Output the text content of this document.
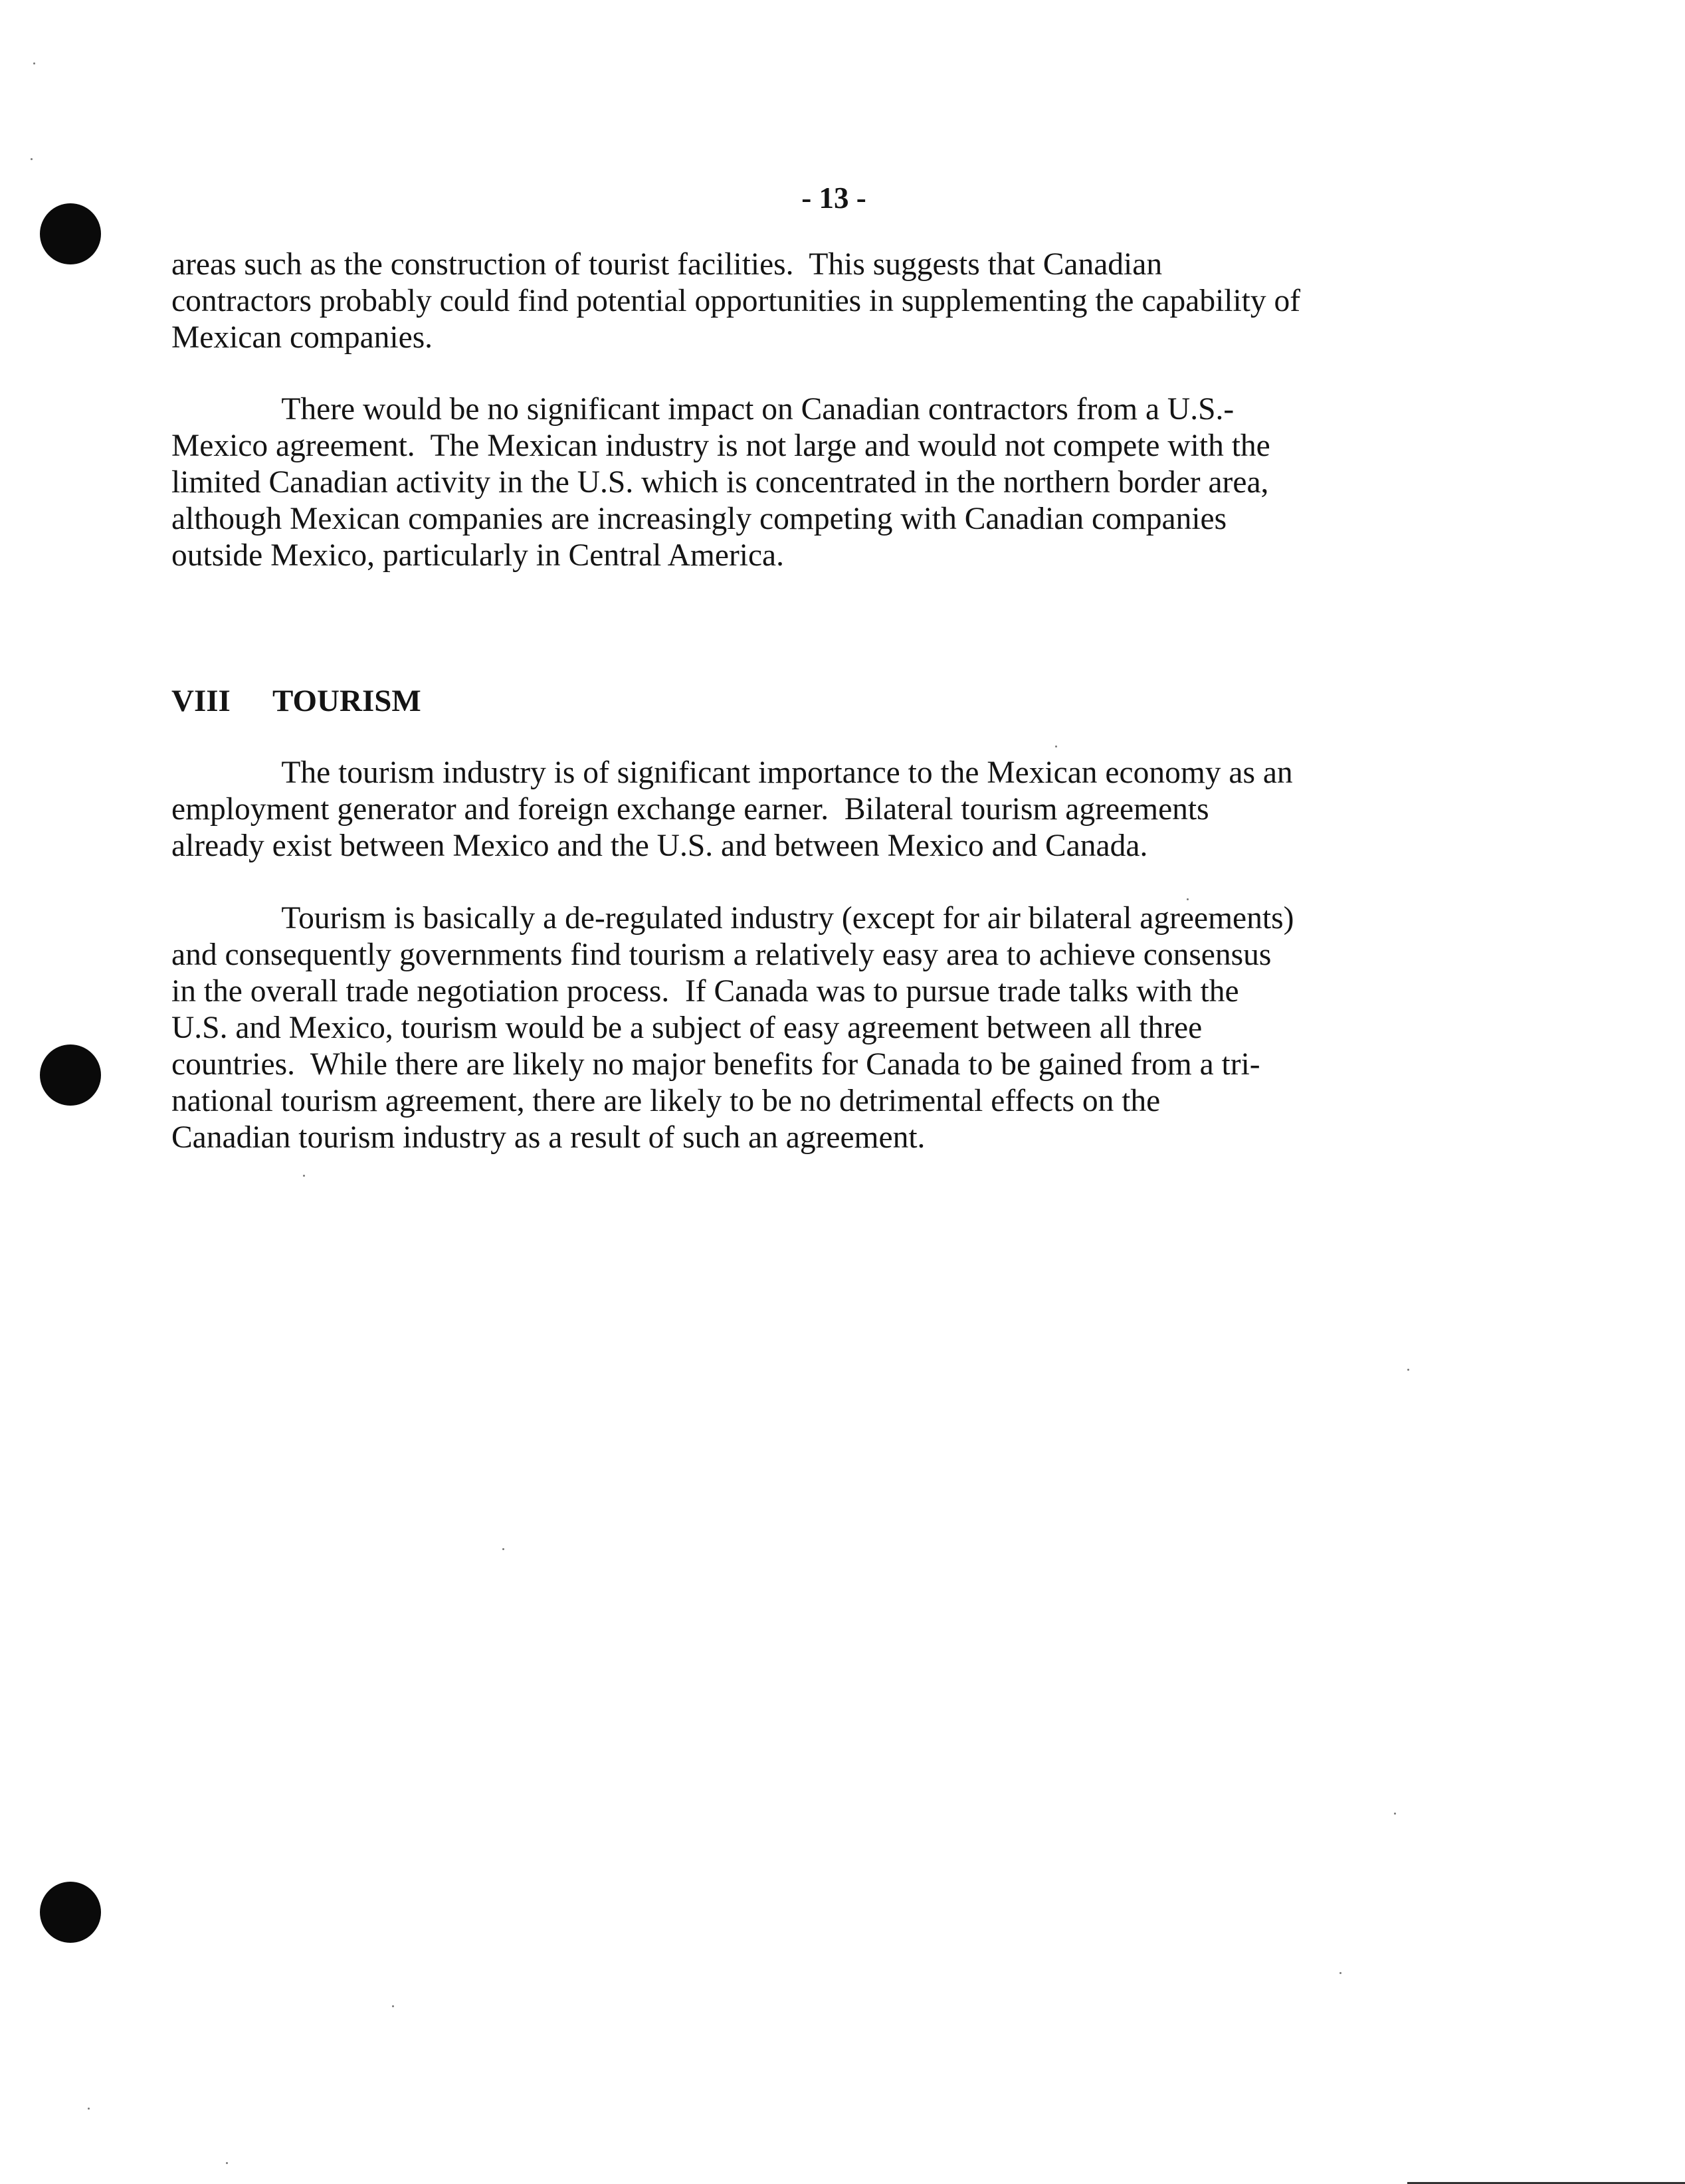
- 13 -

areas such as the construction of tourist facilities.  This suggests that Canadian
contractors probably could find potential opportunities in supplementing the capability of
Mexican companies.

There would be no significant impact on Canadian contractors from a U.S.-
Mexico agreement.  The Mexican industry is not large and would not compete with the
limited Canadian activity in the U.S. which is concentrated in the northern border area,
although Mexican companies are increasingly competing with Canadian companies
outside Mexico, particularly in Central America.

VIII TOURISM

The tourism industry is of significant importance to the Mexican economy as an
employment generator and foreign exchange earner.  Bilateral tourism agreements
already exist between Mexico and the U.S. and between Mexico and Canada.

Tourism is basically a de-regulated industry (except for air bilateral agreements)
and consequently governments find tourism a relatively easy area to achieve consensus
in the overall trade negotiation process.  If Canada was to pursue trade talks with the
U.S. and Mexico, tourism would be a subject of easy agreement between all three
countries.  While there are likely no major benefits for Canada to be gained from a tri-
national tourism agreement, there are likely to be no detrimental effects on the
Canadian tourism industry as a result of such an agreement.
